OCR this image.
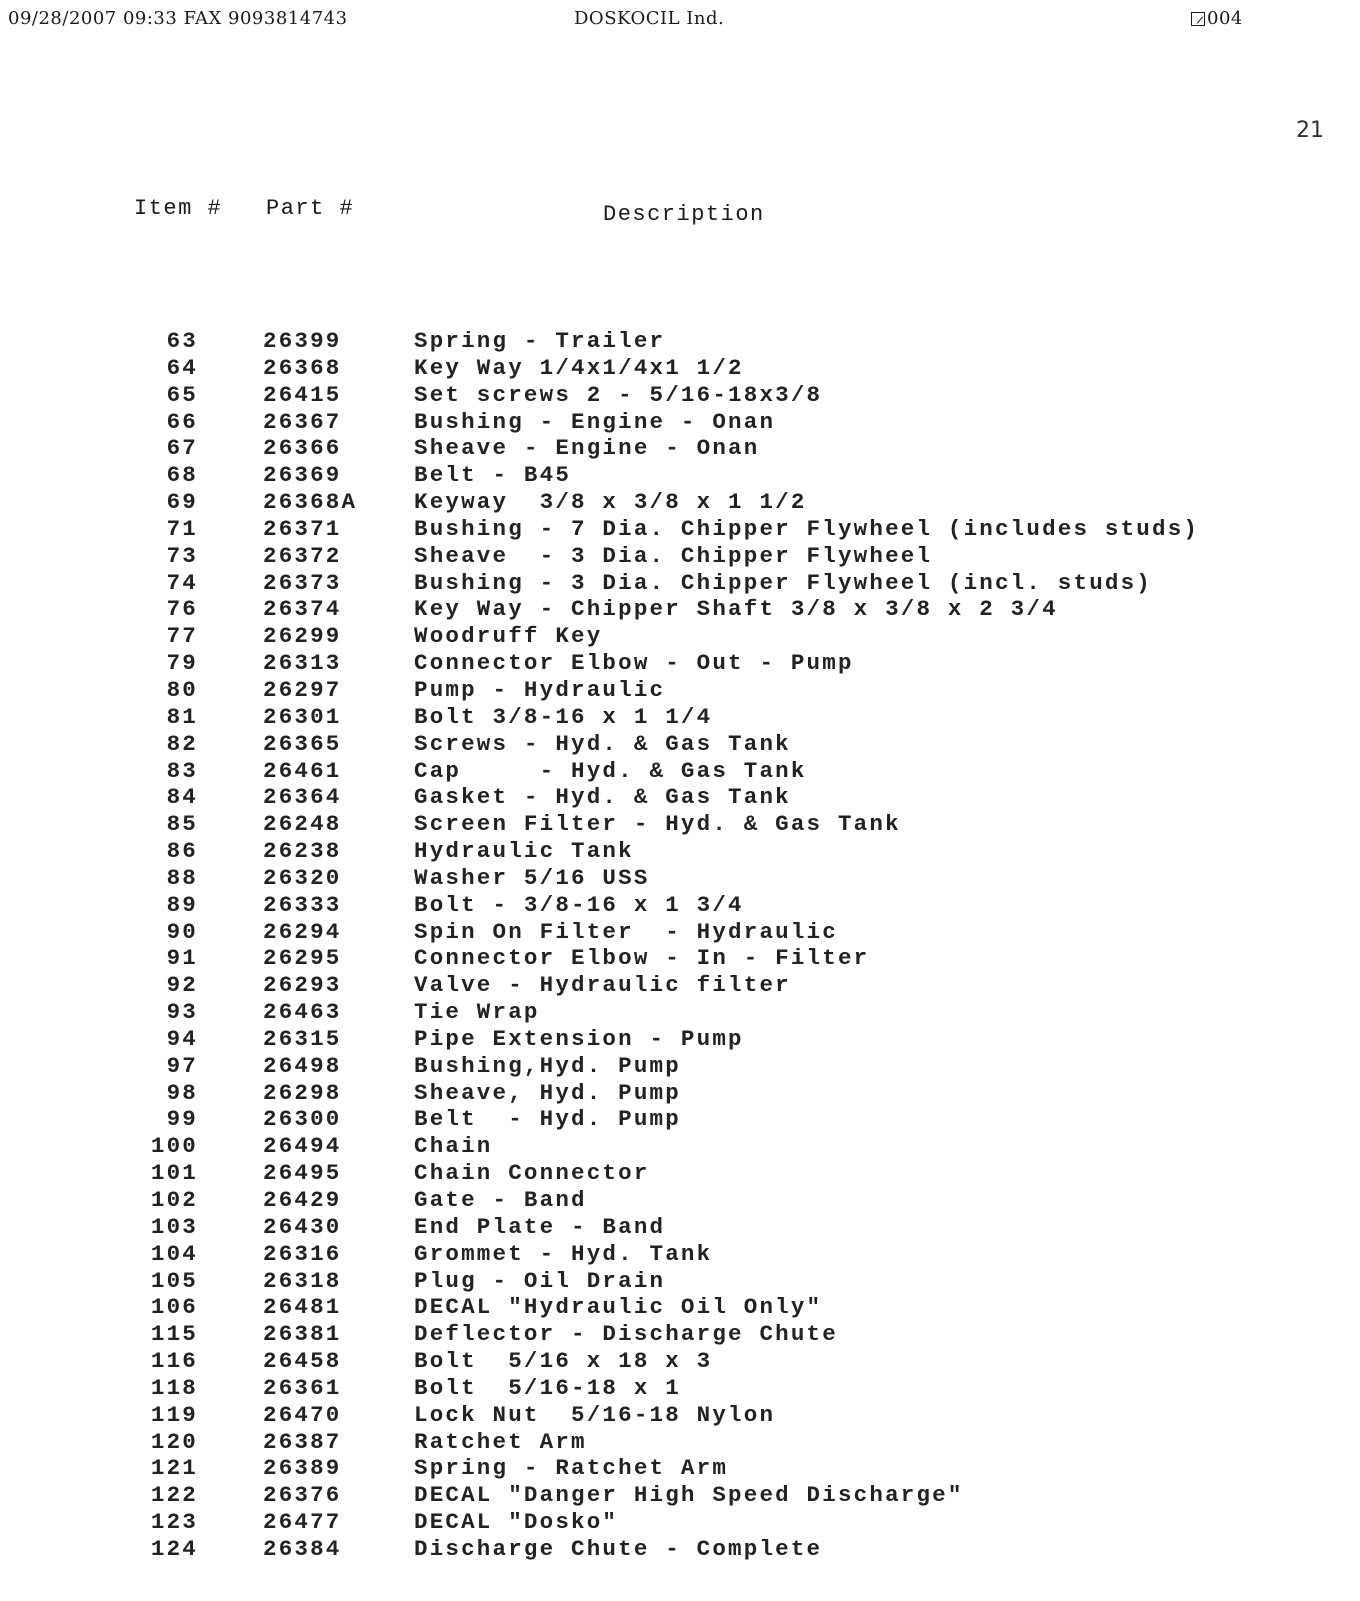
09/28/2007 09:33 FAX 9093814743	DOSKOCIL Ind.	004
21
Item # Part #	Description
63	26399	Spring - Trailer
64	26368	Key Way 1/4x1/4x1 1/2
65	26415	Set screws 2 - 5/16-18x3/8
66	26367	Bushing - Engine - Onan
67	26366	Sheave - Engine - Onan
68	26369	Belt - B45
69	26368A	Keyway  3/8 x 3/8 x 1 1/2
71	26371	Bushing - 7 Dia. Chipper Flywheel (includes studs)
73	26372	Sheave  - 3 Dia. Chipper Flywheel
74	26373	Bushing - 3 Dia. Chipper Flywheel (incl. studs)
76	26374	Key Way - Chipper Shaft 3/8 x 3/8 x 2 3/4
77	26299	Woodruff Key
79	26313	Connector Elbow - Out - Pump
80	26297	Pump - Hydraulic
81	26301	Bolt 3/8-16 x 1 1/4
82	26365	Screws - Hyd. & Gas Tank
83	26461	Cap     - Hyd. & Gas Tank
84	26364	Gasket - Hyd. & Gas Tank
85	26248	Screen Filter - Hyd. & Gas Tank
86	26238	Hydraulic Tank
88	26320	Washer 5/16 USS
89	26333	Bolt - 3/8-16 x 1 3/4
90	26294	Spin On Filter  - Hydraulic
91	26295	Connector Elbow - In - Filter
92	26293	Valve - Hydraulic filter
93	26463	Tie Wrap
94	26315	Pipe Extension - Pump
97	26498	Bushing,Hyd. Pump
98	26298	Sheave, Hyd. Pump
99	26300	Belt  - Hyd. Pump
100	26494	Chain
101	26495	Chain Connector
102	26429	Gate - Band
103	26430	End Plate - Band
104	26316	Grommet - Hyd. Tank
105	26318	Plug - Oil Drain
106	26481	DECAL "Hydraulic Oil Only"
115	26381	Deflector - Discharge Chute
116	26458	Bolt  5/16 x 18 x 3
118	26361	Bolt  5/16-18 x 1
119	26470	Lock Nut  5/16-18 Nylon
120	26387	Ratchet Arm
121	26389	Spring - Ratchet Arm
122	26376	DECAL "Danger High Speed Discharge"
123	26477	DECAL "Dosko"
124	26384	Discharge Chute - Complete
